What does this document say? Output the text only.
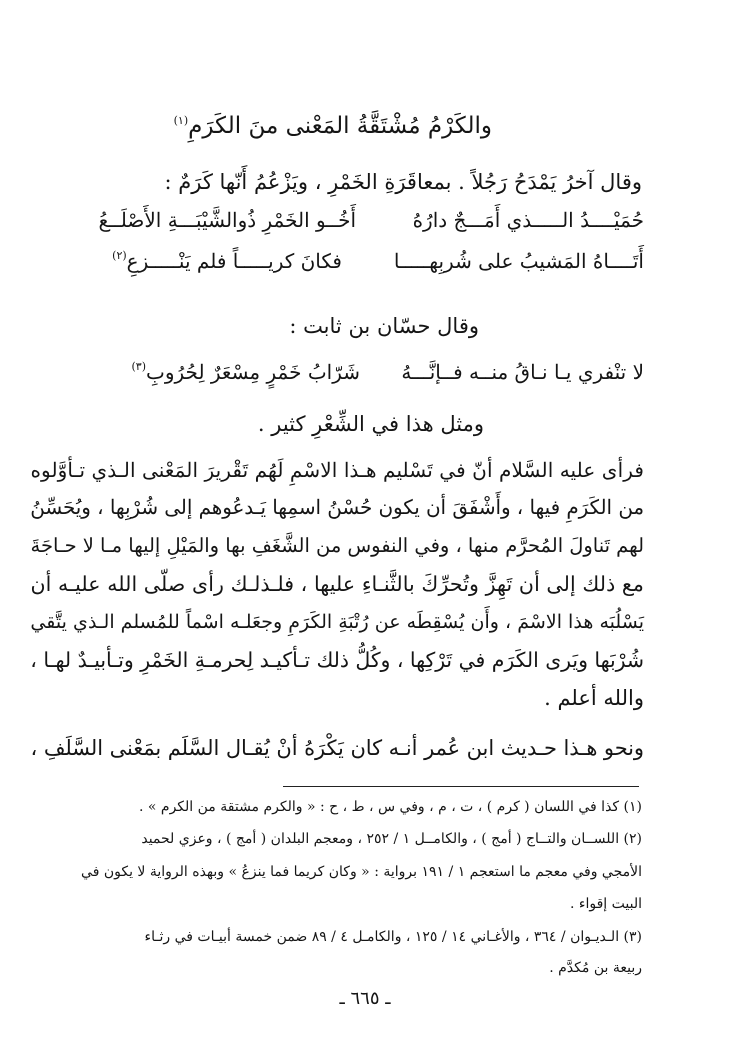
والكَرْمُ مُشْتَقَّةُ المَعْنى منَ الكَرَمِ$^{(١)}$
وقال آخرُ يَمْدَحُ رَجُلاً . بمعاقَرَةِ الخَمْرِ ، ويَزْعُمُ أَنّها كَرَمٌ :
حُمَيْــــدُ الـــــذي أَمَـــجٌ دارُهُ
أَخُــو الخَمْرِ ذُوالشَّيْبَـــةِ الأَصْلَــعُ
أَتَــــاهُ المَشيبُ على شُربِهـــــا
فكانَ كريـــــاً فلم يَنْـــــزعِ$^{(٢)}$
وقال حسّان بن ثابت :
لا تنْفري يـا نـاقُ منــه فــإنَّـــهُ
شَرّابُ خَمْرٍ مِسْعَرٌ لِحُرُوبِ$^{(٣)}$
ومثل هذا في الشِّعْرِ كثير .
فرأى عليه السَّلام أنّ في تَسْليم هـذا الاسْمِ لَهُم تَقْريرَ المَعْنى الـذي تـأوَّلوه
من الكَرَمِ فيها ، وأَشْفَقَ أن يكون حُسْنُ اسمِها يَـدعُوهم إلى شُرْبِها ، ويُحَسِّنُ
لهم تَناولَ المُحرَّم منها ، وفي النفوس من الشَّغَفِ بها والمَيْلِ إليها مـا لا حـاجَةَ
مع ذلك إلى أن تَهِزَّ وتُحرِّكَ بالثَّنـاءِ عليها ، فلـذلـك رأى صلّى الله عليـه أن
يَسْلُبَه هذا الاسْمَ ، وأَن يُسْقِطَه عن رُتْبَةِ الكَرَمِ وجعَلـه اسْماً للمُسلم الـذي يتَّقي
شُرْبَها ويَرى الكَرَم في تَرْكِها ، وكُلُّ ذلك تـأكيـد لِحرمـةِ الخَمْرِ وتـأبيـدٌ لهـا ،
والله أعلم .
ونحو هـذا حـديث ابن عُمر أنـه كان يَكْرَهُ أنْ يُقـال السَّلَم بمَعْنى السَّلَفِ ،
(١) كذا في اللسان ( كرم ) ، ت ، م ، وفي س ، ط ، ح : « والكرم مشتقة من الكرم » .
(٢) اللســان والتــاج ( أمج ) ، والكامــل ١ / ٢٥٢ ، ومعجم البلدان ( أمج ) ، وعزي لحميد
الأمجي وفي معجم ما استعجم ١ / ١٩١ برواية : « وكان كريما فما ينزعُ » وبهذه الرواية لا يكون في
البيت إقواء .
(٣) الـديـوان / ٣٦٤ ، والأغـاني ١٤ / ١٢٥ ، والكامـل ٤ / ٨٩ ضمن خمسة أبيـات في رثـاء
ربيعة بن مُكدَّم .
ـ ٦٦٥ ـ
